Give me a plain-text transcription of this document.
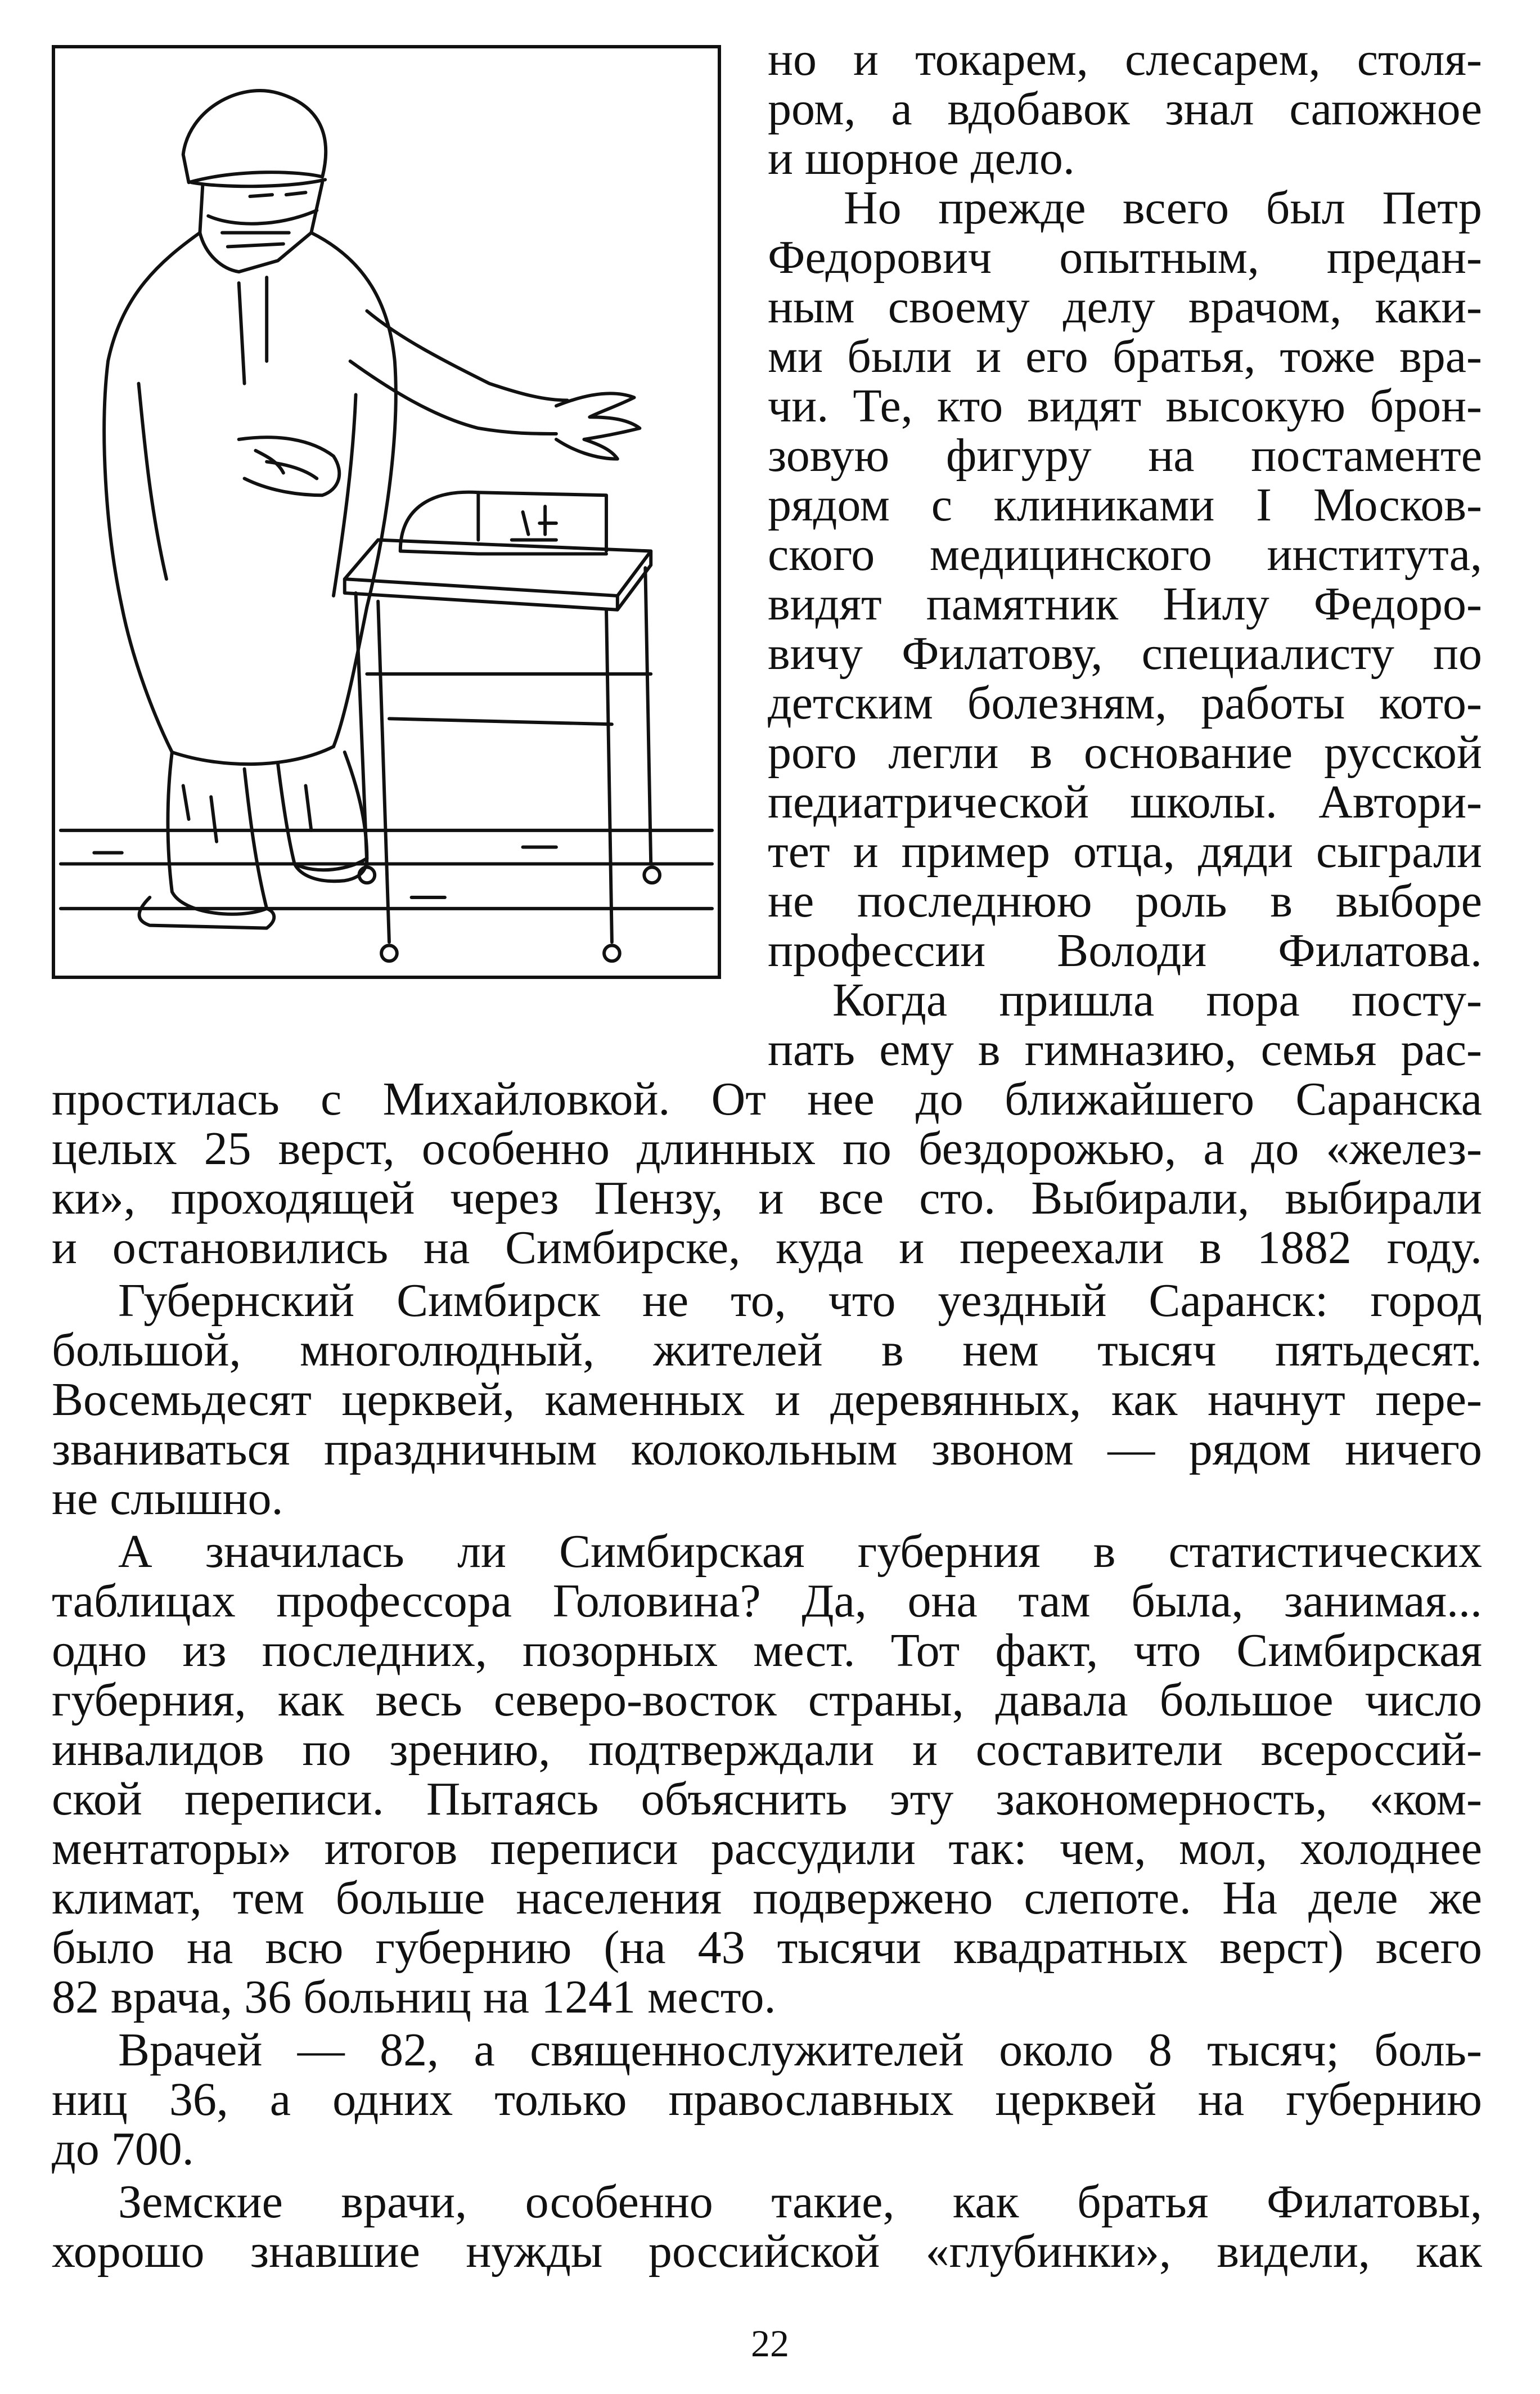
но и токарем, слесарем, столя-
ром, а вдобавок знал сапожное
и шорное дело.
Но прежде всего был Петр
Федорович опытным, предан-
ным своему делу врачом, каки-
ми были и его братья, тоже вра-
чи. Те, кто видят высокую брон-
зовую фигуру на постаменте
рядом с клиниками I Москов-
ского медицинского института,
видят памятник Нилу Федоро-
вичу Филатову, специалисту по
детским болезням, работы кото-
рого легли в основание русской
педиатрической школы. Автори-
тет и пример отца, дяди сыграли
не последнюю роль в выборе
профессии Володи Филатова.
Когда пришла пора посту-
пать ему в гимназию, семья рас-
простилась с Михайловкой. От нее до ближайшего Саранска
целых 25 верст, особенно длинных по бездорожью, а до «желез-
ки», проходящей через Пензу, и все сто. Выбирали, выбирали
и остановились на Симбирске, куда и переехали в 1882 году.
Губернский Симбирск не то, что уездный Саранск: город
большой, многолюдный, жителей в нем тысяч пятьдесят.
Восемьдесят церквей, каменных и деревянных, как начнут пере-
званиваться праздничным колокольным звоном — рядом ничего
не слышно.
А значилась ли Симбирская губерния в статистических
таблицах профессора Головина? Да, она там была, занимая...
одно из последних, позорных мест. Тот факт, что Симбирская
губерния, как весь северо-восток страны, давала большое число
инвалидов по зрению, подтверждали и составители всероссий-
ской переписи. Пытаясь объяснить эту закономерность, «ком-
ментаторы» итогов переписи рассудили так: чем, мол, холоднее
климат, тем больше населения подвержено слепоте. На деле же
было на всю губернию (на 43 тысячи квадратных верст) всего
82 врача, 36 больниц на 1241 место.
Врачей — 82, а священнослужителей около 8 тысяч; боль-
ниц 36, а одних только православных церквей на губернию
до 700.
Земские врачи, особенно такие, как братья Филатовы,
хорошо знавшие нужды российской «глубинки», видели, как
22
